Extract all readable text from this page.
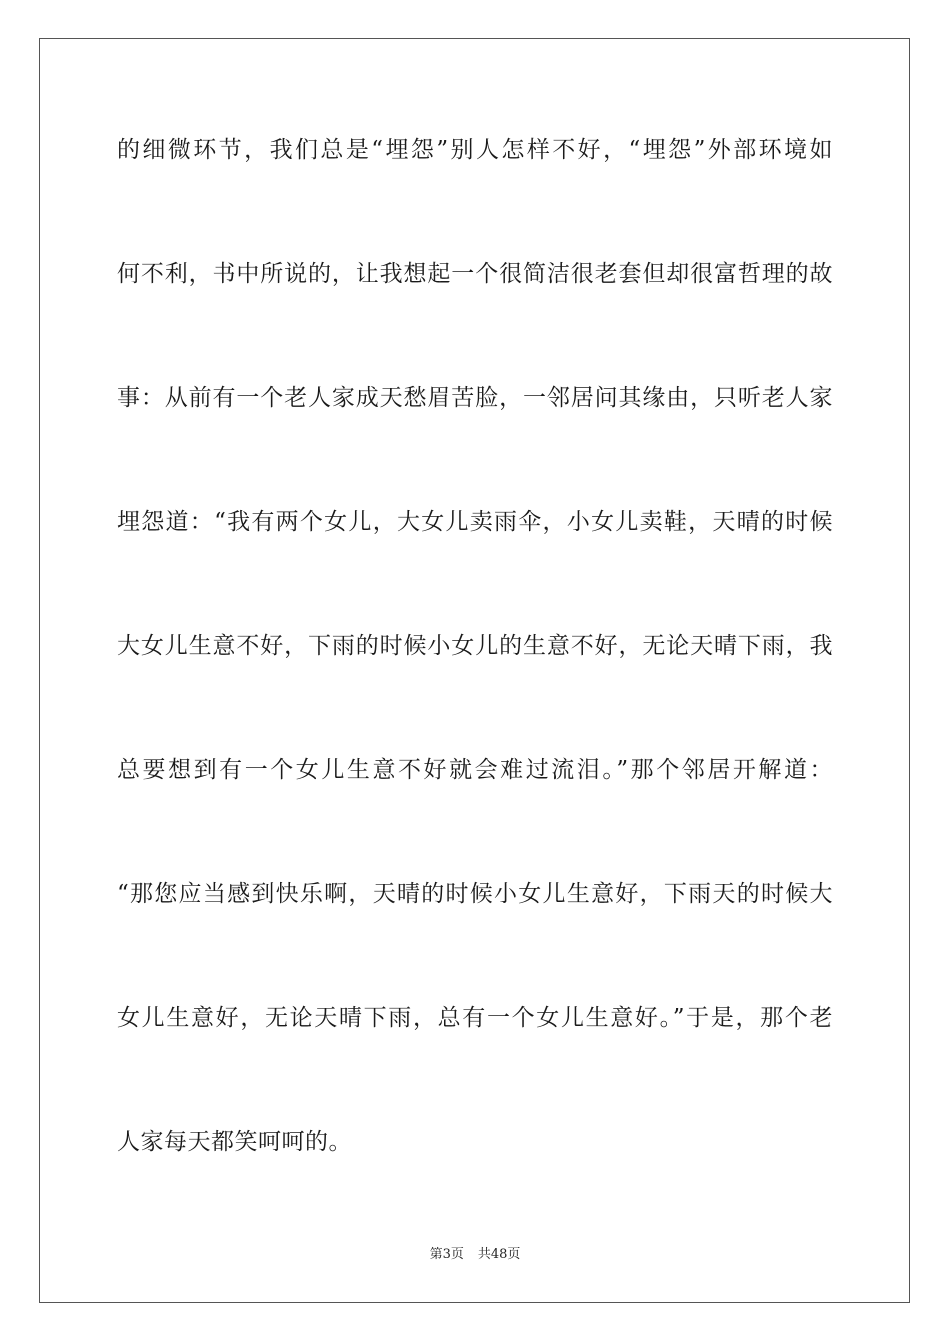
的细微环节，我们总是“埋怨”别人怎样不好，“埋怨”外部环境如
何不利，书中所说的，让我想起一个很简洁很老套但却很富哲理的故
事：从前有一个老人家成天愁眉苦脸，一邻居问其缘由，只听老人家
埋怨道：“我有两个女儿，大女儿卖雨伞，小女儿卖鞋，天晴的时候
大女儿生意不好，下雨的时候小女儿的生意不好，无论天晴下雨，我
总要想到有一个女儿生意不好就会难过流泪。”那个邻居开解道：
“那您应当感到快乐啊，天晴的时候小女儿生意好，下雨天的时候大
女儿生意好，无论天晴下雨，总有一个女儿生意好。”于是，那个老
人家每天都笑呵呵的。
第3页 共48页
